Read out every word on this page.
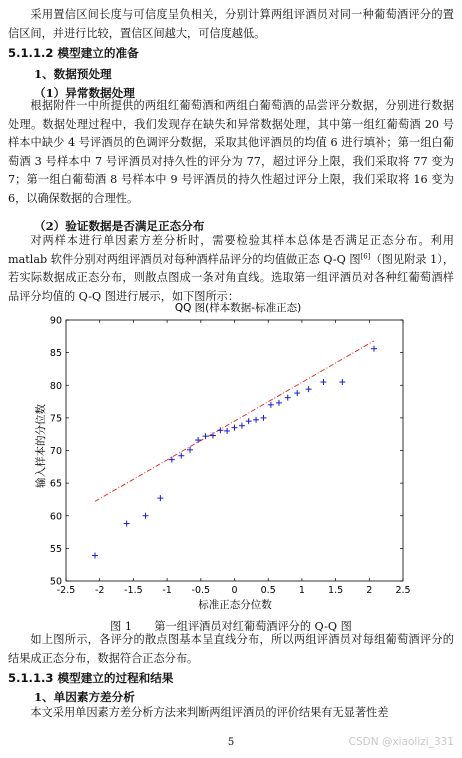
采用置信区间长度与可信度呈负相关，分别计算两组评酒员对同一种葡萄酒评分的置信区间，并进行比较，置信区间越大，可信度越低。
5.1.1.2 模型建立的准备
1、数据预处理
（1）异常数据处理
根据附件一中所提供的两组红葡萄酒和两组白葡萄酒的品尝评分数据，分别进行数据处理。数据处理过程中，我们发现存在缺失和异常数据处理，其中第一组红葡萄酒 20 号样本中缺少 4 号评酒员的色调评分数据，采取其他评酒员的均值 6 进行填补；第一组白葡萄酒 3 号样本中 7 号评酒员对持久性的评分为 77，超过评分上限，我们采取将 77 变为 7；第一组白葡萄酒 8 号样本中 9 号评酒员的持久性超过评分上限，我们采取将 16 变为 6，以确保数据的合理性。
（2）验证数据是否满足正态分布
对两样本进行单因素方差分析时，需要检验其样本总体是否满足正态分布。利用 matlab 软件分别对两组评酒员对每种酒样品评分的均值做正态 Q-Q 图[6]（图见附录 1），若实际数据成正态分布，则散点图成一条对角直线。选取第一组评酒员对各种红葡萄酒样品评分均值的 Q-Q 图进行展示，如下图所示：
QQ 图(样本数据-标准正态)
-2.5 -2 -1.5 -1 -0.5 0 0.5 1 1.5 2 2.5
50
55
60
65
70
75
80
85
90
标准正态分位数
输入样本的分位数
图 1　　第一组评酒员对红葡萄酒评分的 Q-Q 图
如上图所示，各评分的散点图基本呈直线分布，所以两组评酒员对每组葡萄酒评分的结果成正态分布，数据符合正态分布。
5.1.1.3 模型建立的过程和结果
1、单因素方差分析
本文采用单因素方差分析方法来判断两组评酒员的评价结果有无显著性差
5	CSDN @xiaolizi_331
